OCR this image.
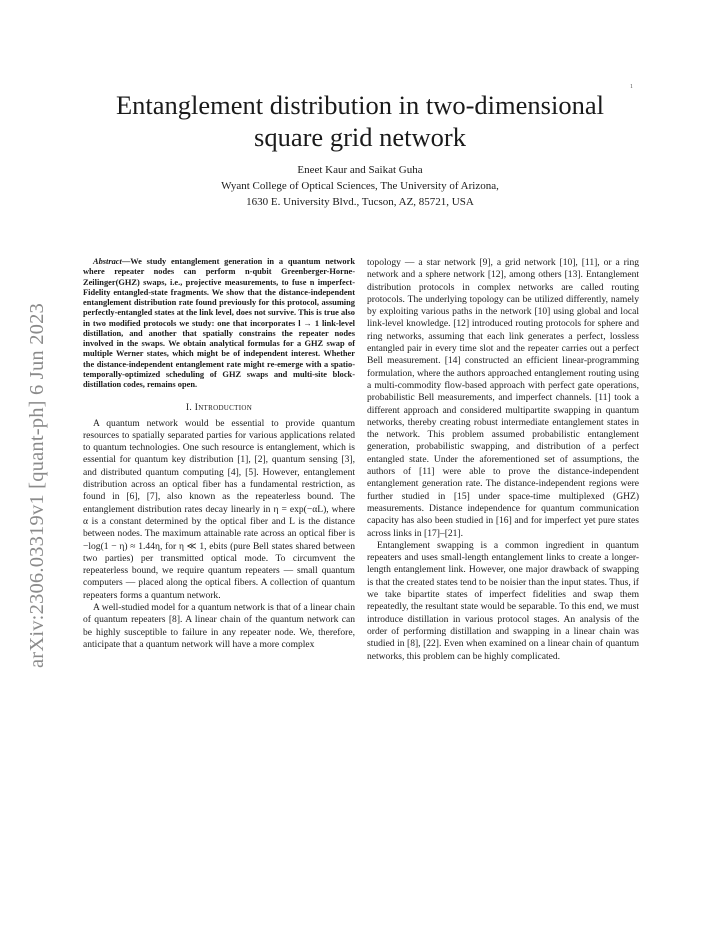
1
arXiv:2306.03319v1 [quant-ph] 6 Jun 2023
Entanglement distribution in two-dimensional
square grid network
Eneet Kaur and Saikat Guha
Wyant College of Optical Sciences, The University of Arizona,
1630 E. University Blvd., Tucson, AZ, 85721, USA

Abstract—We study entanglement generation in a quantum network where repeater nodes can perform n-qubit Greenberger-Horne-Zeilinger(GHZ) swaps, i.e., projective measurements, to fuse n imperfect-Fidelity entangled-state fragments. We show that the distance-independent entanglement distribution rate found previously for this protocol, assuming perfectly-entangled states at the link level, does not survive. This is true also in two modified protocols we study: one that incorporates l → 1 link-level distillation, and another that spatially constrains the repeater nodes involved in the swaps. We obtain analytical formulas for a GHZ swap of multiple Werner states, which might be of independent interest. Whether the distance-independent entanglement rate might re-emerge with a spatio-temporally-optimized scheduling of GHZ swaps and multi-site block-distillation codes, remains open.

I. Introduction

A quantum network would be essential to provide quantum resources to spatially separated parties for various applications related to quantum technologies. One such resource is entanglement, which is essential for quantum key distribution [1], [2], quantum sensing [3], and distributed quantum computing [4], [5]. However, entanglement distribution across an optical fiber has a fundamental restriction, as found in [6], [7], also known as the repeaterless bound. The entanglement distribution rates decay linearly in η = exp(−αL), where α is a constant determined by the optical fiber and L is the distance between nodes. The maximum attainable rate across an optical fiber is −log(1 − η) ≈ 1.44η, for η ≪ 1, ebits (pure Bell states shared between two parties) per transmitted optical mode. To circumvent the repeaterless bound, we require quantum repeaters — small quantum computers — placed along the optical fibers. A collection of quantum repeaters forms a quantum network.

A well-studied model for a quantum network is that of a linear chain of quantum repeaters [8]. A linear chain of the quantum network can be highly susceptible to failure in any repeater node. We, therefore, anticipate that a quantum network will have a more complex

topology — a star network [9], a grid network [10], [11], or a ring network and a sphere network [12], among others [13]. Entanglement distribution protocols in complex networks are called routing protocols. The underlying topology can be utilized differently, namely by exploiting various paths in the network [10] using global and local link-level knowledge. [12] introduced routing protocols for sphere and ring networks, assuming that each link generates a perfect, lossless entangled pair in every time slot and the repeater carries out a perfect Bell measurement. [14] constructed an efficient linear-programming formulation, where the authors approached entanglement routing using a multi-commodity flow-based approach with perfect gate operations, probabilistic Bell measurements, and imperfect channels. [11] took a different approach and considered multipartite swapping in quantum networks, thereby creating robust intermediate entanglement states in the network. This problem assumed probabilistic entanglement generation, probabilistic swapping, and distribution of a perfect entangled state. Under the aforementioned set of assumptions, the authors of [11] were able to prove the distance-independent entanglement generation rate. The distance-independent regions were further studied in [15] under space-time multiplexed (GHZ) measurements. Distance independence for quantum communication capacity has also been studied in [16] and for imperfect yet pure states across links in [17]–[21].

Entanglement swapping is a common ingredient in quantum repeaters and uses small-length entanglement links to create a longer-length entanglement link. However, one major drawback of swapping is that the created states tend to be noisier than the input states. Thus, if we take bipartite states of imperfect fidelities and swap them repeatedly, the resultant state would be separable. To this end, we must introduce distillation in various protocol stages. An analysis of the order of performing distillation and swapping in a linear chain was studied in [8], [22]. Even when examined on a linear chain of quantum networks, this problem can be highly complicated.
